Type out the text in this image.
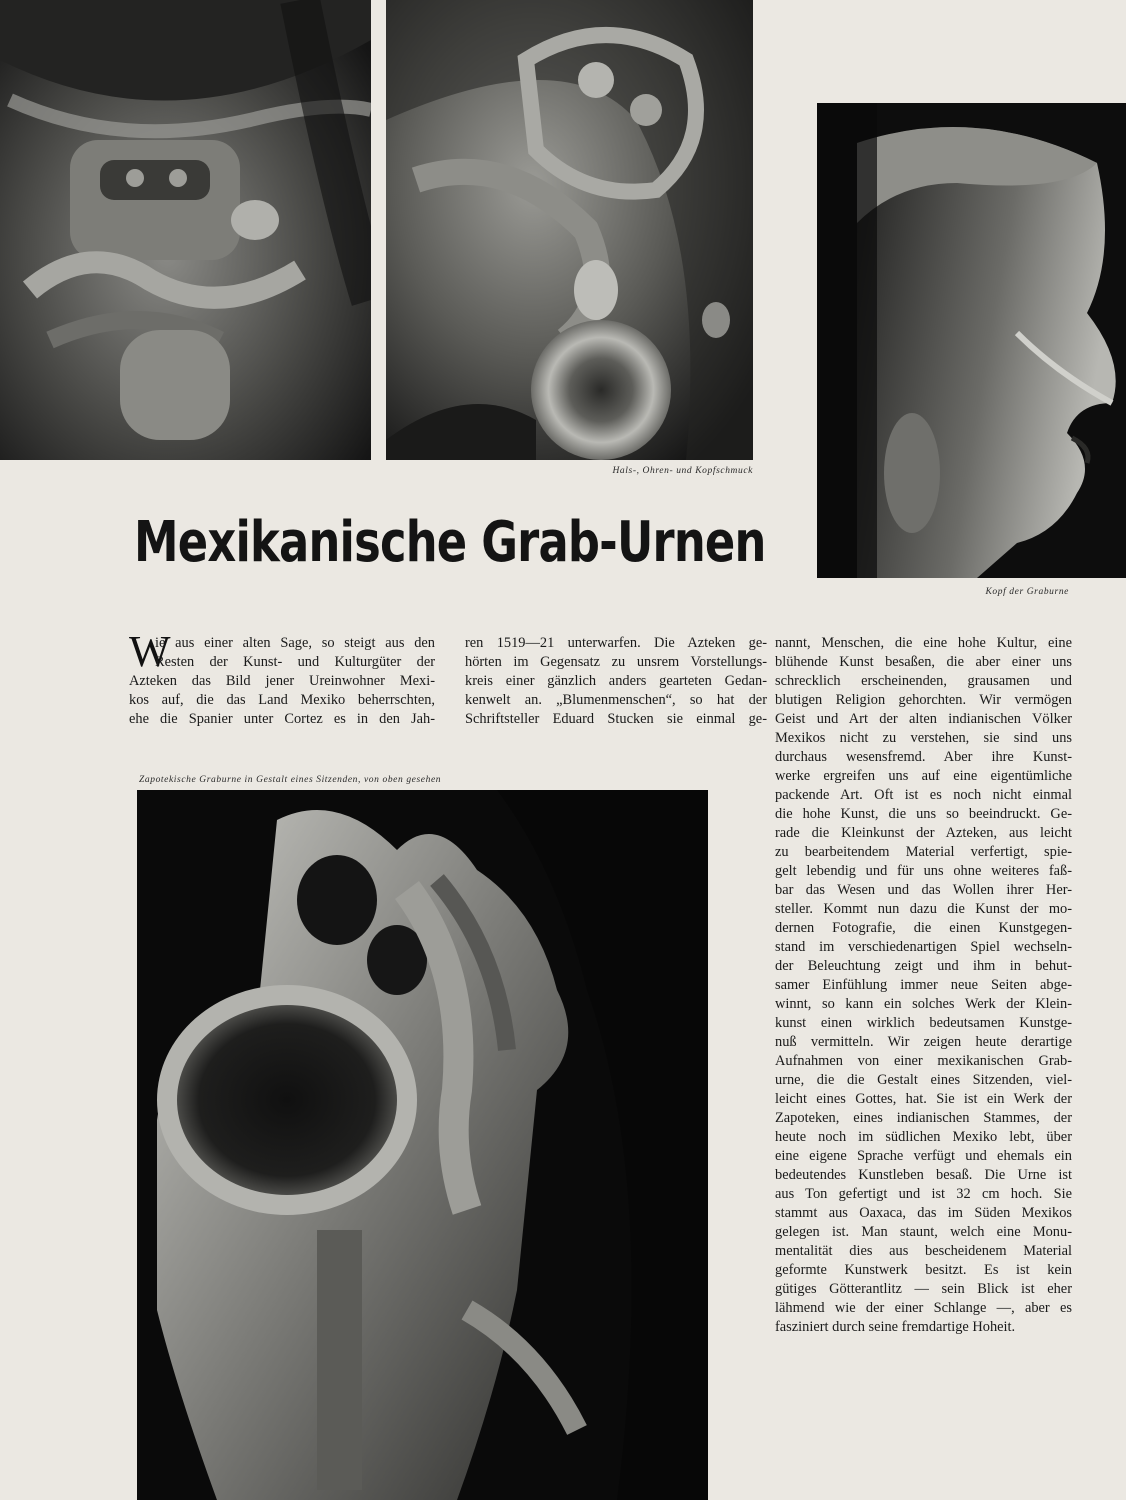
Hals-, Ohren- und Kopfschmuck
Kopf der Graburne
Zapotekische Graburne in Gestalt eines Sitzenden, von oben gesehen
Mexikanische Grab-Urnen
W
ie aus einer alten Sage, so steigt aus den
Resten der Kunst- und Kulturgüter der
Azteken das Bild jener Ureinwohner Mexi-
kos auf, die das Land Mexiko beherrschten,
ehe die Spanier unter Cortez es in den Jah-
ren 1519—21 unterwarfen. Die Azteken ge-
hörten im Gegensatz zu unsrem Vorstellungs-
kreis einer gänzlich anders gearteten Gedan-
kenwelt an. „Blumenmenschen“, so hat der
Schriftsteller Eduard Stucken sie einmal ge-
nannt, Menschen, die eine hohe Kultur, eine
blühende Kunst besaßen, die aber einer uns
schrecklich erscheinenden, grausamen und
blutigen Religion gehorchten. Wir vermögen
Geist und Art der alten indianischen Völker
Mexikos nicht zu verstehen, sie sind uns
durchaus wesensfremd. Aber ihre Kunst-
werke ergreifen uns auf eine eigentümliche
packende Art. Oft ist es noch nicht einmal
die hohe Kunst, die uns so beeindruckt. Ge-
rade die Kleinkunst der Azteken, aus leicht
zu bearbeitendem Material verfertigt, spie-
gelt lebendig und für uns ohne weiteres faß-
bar das Wesen und das Wollen ihrer Her-
steller. Kommt nun dazu die Kunst der mo-
dernen Fotografie, die einen Kunstgegen-
stand im verschiedenartigen Spiel wechseln-
der Beleuchtung zeigt und ihm in behut-
samer Einfühlung immer neue Seiten abge-
winnt, so kann ein solches Werk der Klein-
kunst einen wirklich bedeutsamen Kunstge-
nuß vermitteln. Wir zeigen heute derartige
Aufnahmen von einer mexikanischen Grab-
urne, die die Gestalt eines Sitzenden, viel-
leicht eines Gottes, hat. Sie ist ein Werk der
Zapoteken, eines indianischen Stammes, der
heute noch im südlichen Mexiko lebt, über
eine eigene Sprache verfügt und ehemals ein
bedeutendes Kunstleben besaß. Die Urne ist
aus Ton gefertigt und ist 32 cm hoch. Sie
stammt aus Oaxaca, das im Süden Mexikos
gelegen ist. Man staunt, welch eine Monu-
mentalität dies aus bescheidenem Material
geformte Kunstwerk besitzt. Es ist kein
gütiges Götterantlitz — sein Blick ist eher
lähmend wie der einer Schlange —, aber es
fasziniert durch seine fremdartige Hoheit.
